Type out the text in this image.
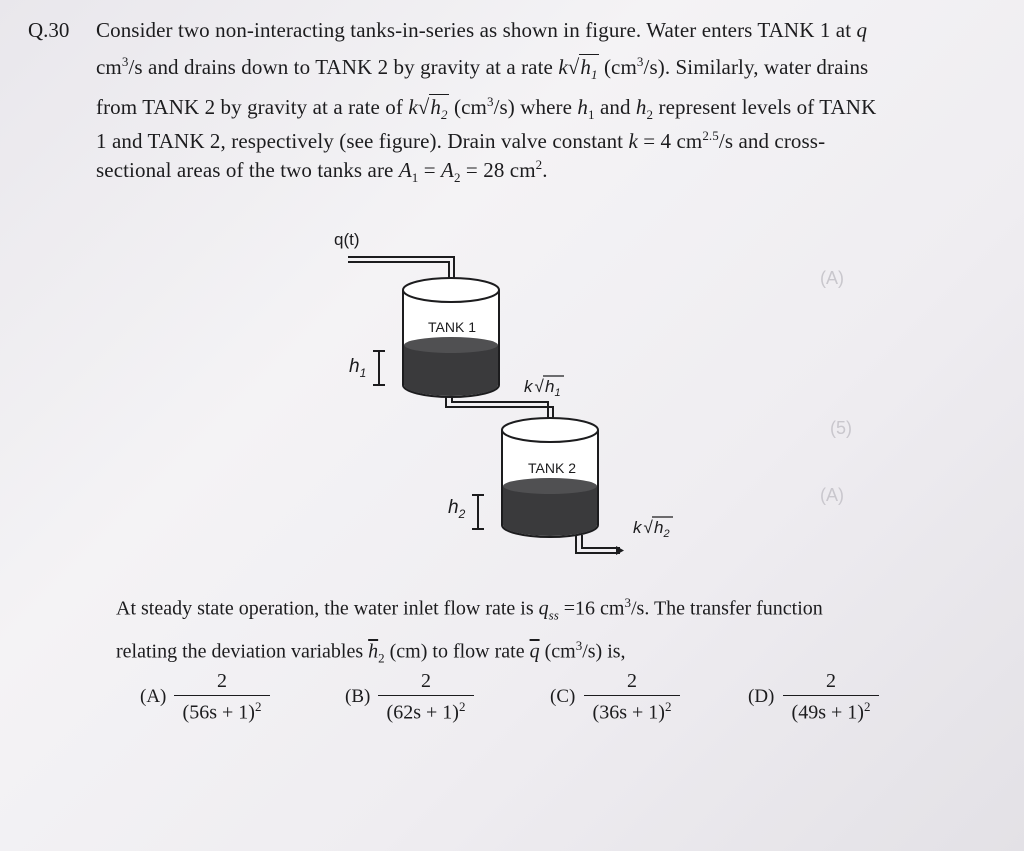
(A)
(5)
(A)
Q.30 Consider two non-interacting tanks-in-series as shown in figure. Water enters TANK 1 at q
$cm^3/s$ and drains down to TANK 2 by gravity at a rate $k√h_1$ $(cm^3/s)$. Similarly, water drains
from TANK 2 by gravity at a rate of $k√h_2$ $(cm^3/s)$ where $h_1$ and $h_2$ represent levels of TANK
1 and TANK 2, respectively (see figure). Drain valve constant k = 4 $cm^{2.5}/s$ and cross-
sectional areas of the two tanks are $A_1 = A_2 = 28$ $cm^2$.
q(t)
TANK 1
$h_1$
k √ $h_1$
TANK 2
$h_2$
k √ $h_2$
At steady state operation, the water inlet flow rate is $q_{ss} =16$ $cm^3/s$. The transfer function
relating the deviation variables $\overline{h}_2$ (cm) to flow rate $\overline{q}$ $(cm^3/s)$ is,
$(A) \frac{2}{(56s + 1)^2}$	$(B) \frac{2}{(62s + 1)^2}$	$(C) \frac{2}{(36s + 1)^2}$	$(D) \frac{2}{(49s + 1)^2}$
